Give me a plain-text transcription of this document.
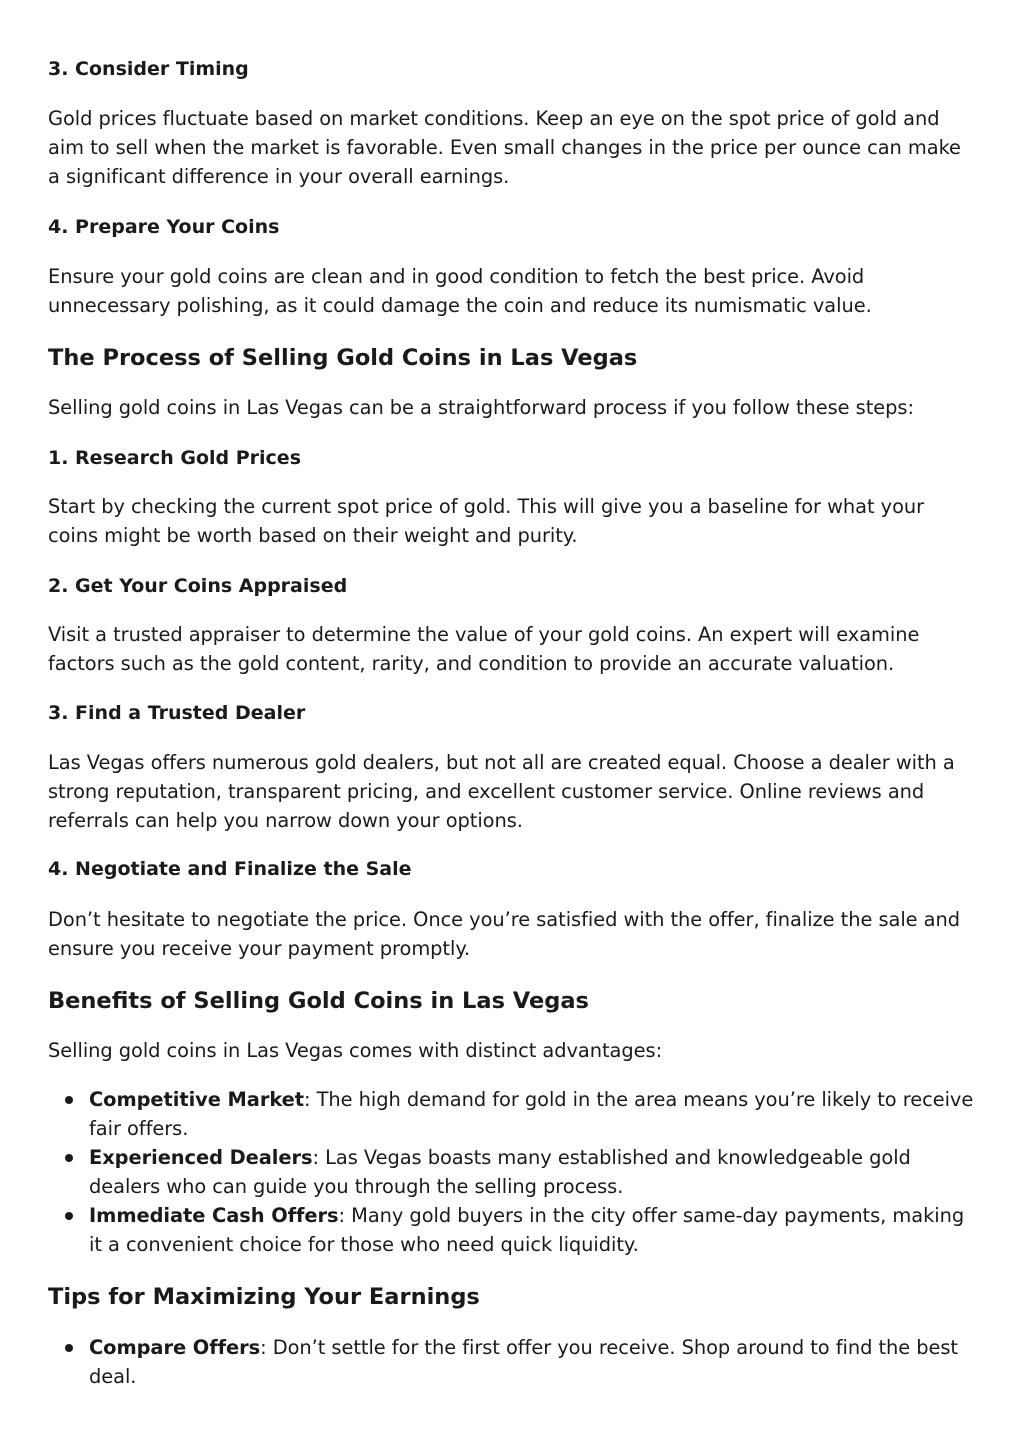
3. Consider Timing

Gold prices fluctuate based on market conditions. Keep an eye on the spot price of gold and aim to sell when the market is favorable. Even small changes in the price per ounce can make a significant difference in your overall earnings.

4. Prepare Your Coins

Ensure your gold coins are clean and in good condition to fetch the best price. Avoid unnecessary polishing, as it could damage the coin and reduce its numismatic value.

The Process of Selling Gold Coins in Las Vegas

Selling gold coins in Las Vegas can be a straightforward process if you follow these steps:

1. Research Gold Prices

Start by checking the current spot price of gold. This will give you a baseline for what your coins might be worth based on their weight and purity.

2. Get Your Coins Appraised

Visit a trusted appraiser to determine the value of your gold coins. An expert will examine factors such as the gold content, rarity, and condition to provide an accurate valuation.

3. Find a Trusted Dealer

Las Vegas offers numerous gold dealers, but not all are created equal. Choose a dealer with a strong reputation, transparent pricing, and excellent customer service. Online reviews and referrals can help you narrow down your options.

4. Negotiate and Finalize the Sale

Don’t hesitate to negotiate the price. Once you’re satisfied with the offer, finalize the sale and ensure you receive your payment promptly.

Benefits of Selling Gold Coins in Las Vegas

Selling gold coins in Las Vegas comes with distinct advantages:

Competitive Market: The high demand for gold in the area means you’re likely to receive fair offers.
Experienced Dealers: Las Vegas boasts many established and knowledgeable gold dealers who can guide you through the selling process.
Immediate Cash Offers: Many gold buyers in the city offer same-day payments, making it a convenient choice for those who need quick liquidity.
Tips for Maximizing Your Earnings
Compare Offers: Don’t settle for the first offer you receive. Shop around to find the best deal.
